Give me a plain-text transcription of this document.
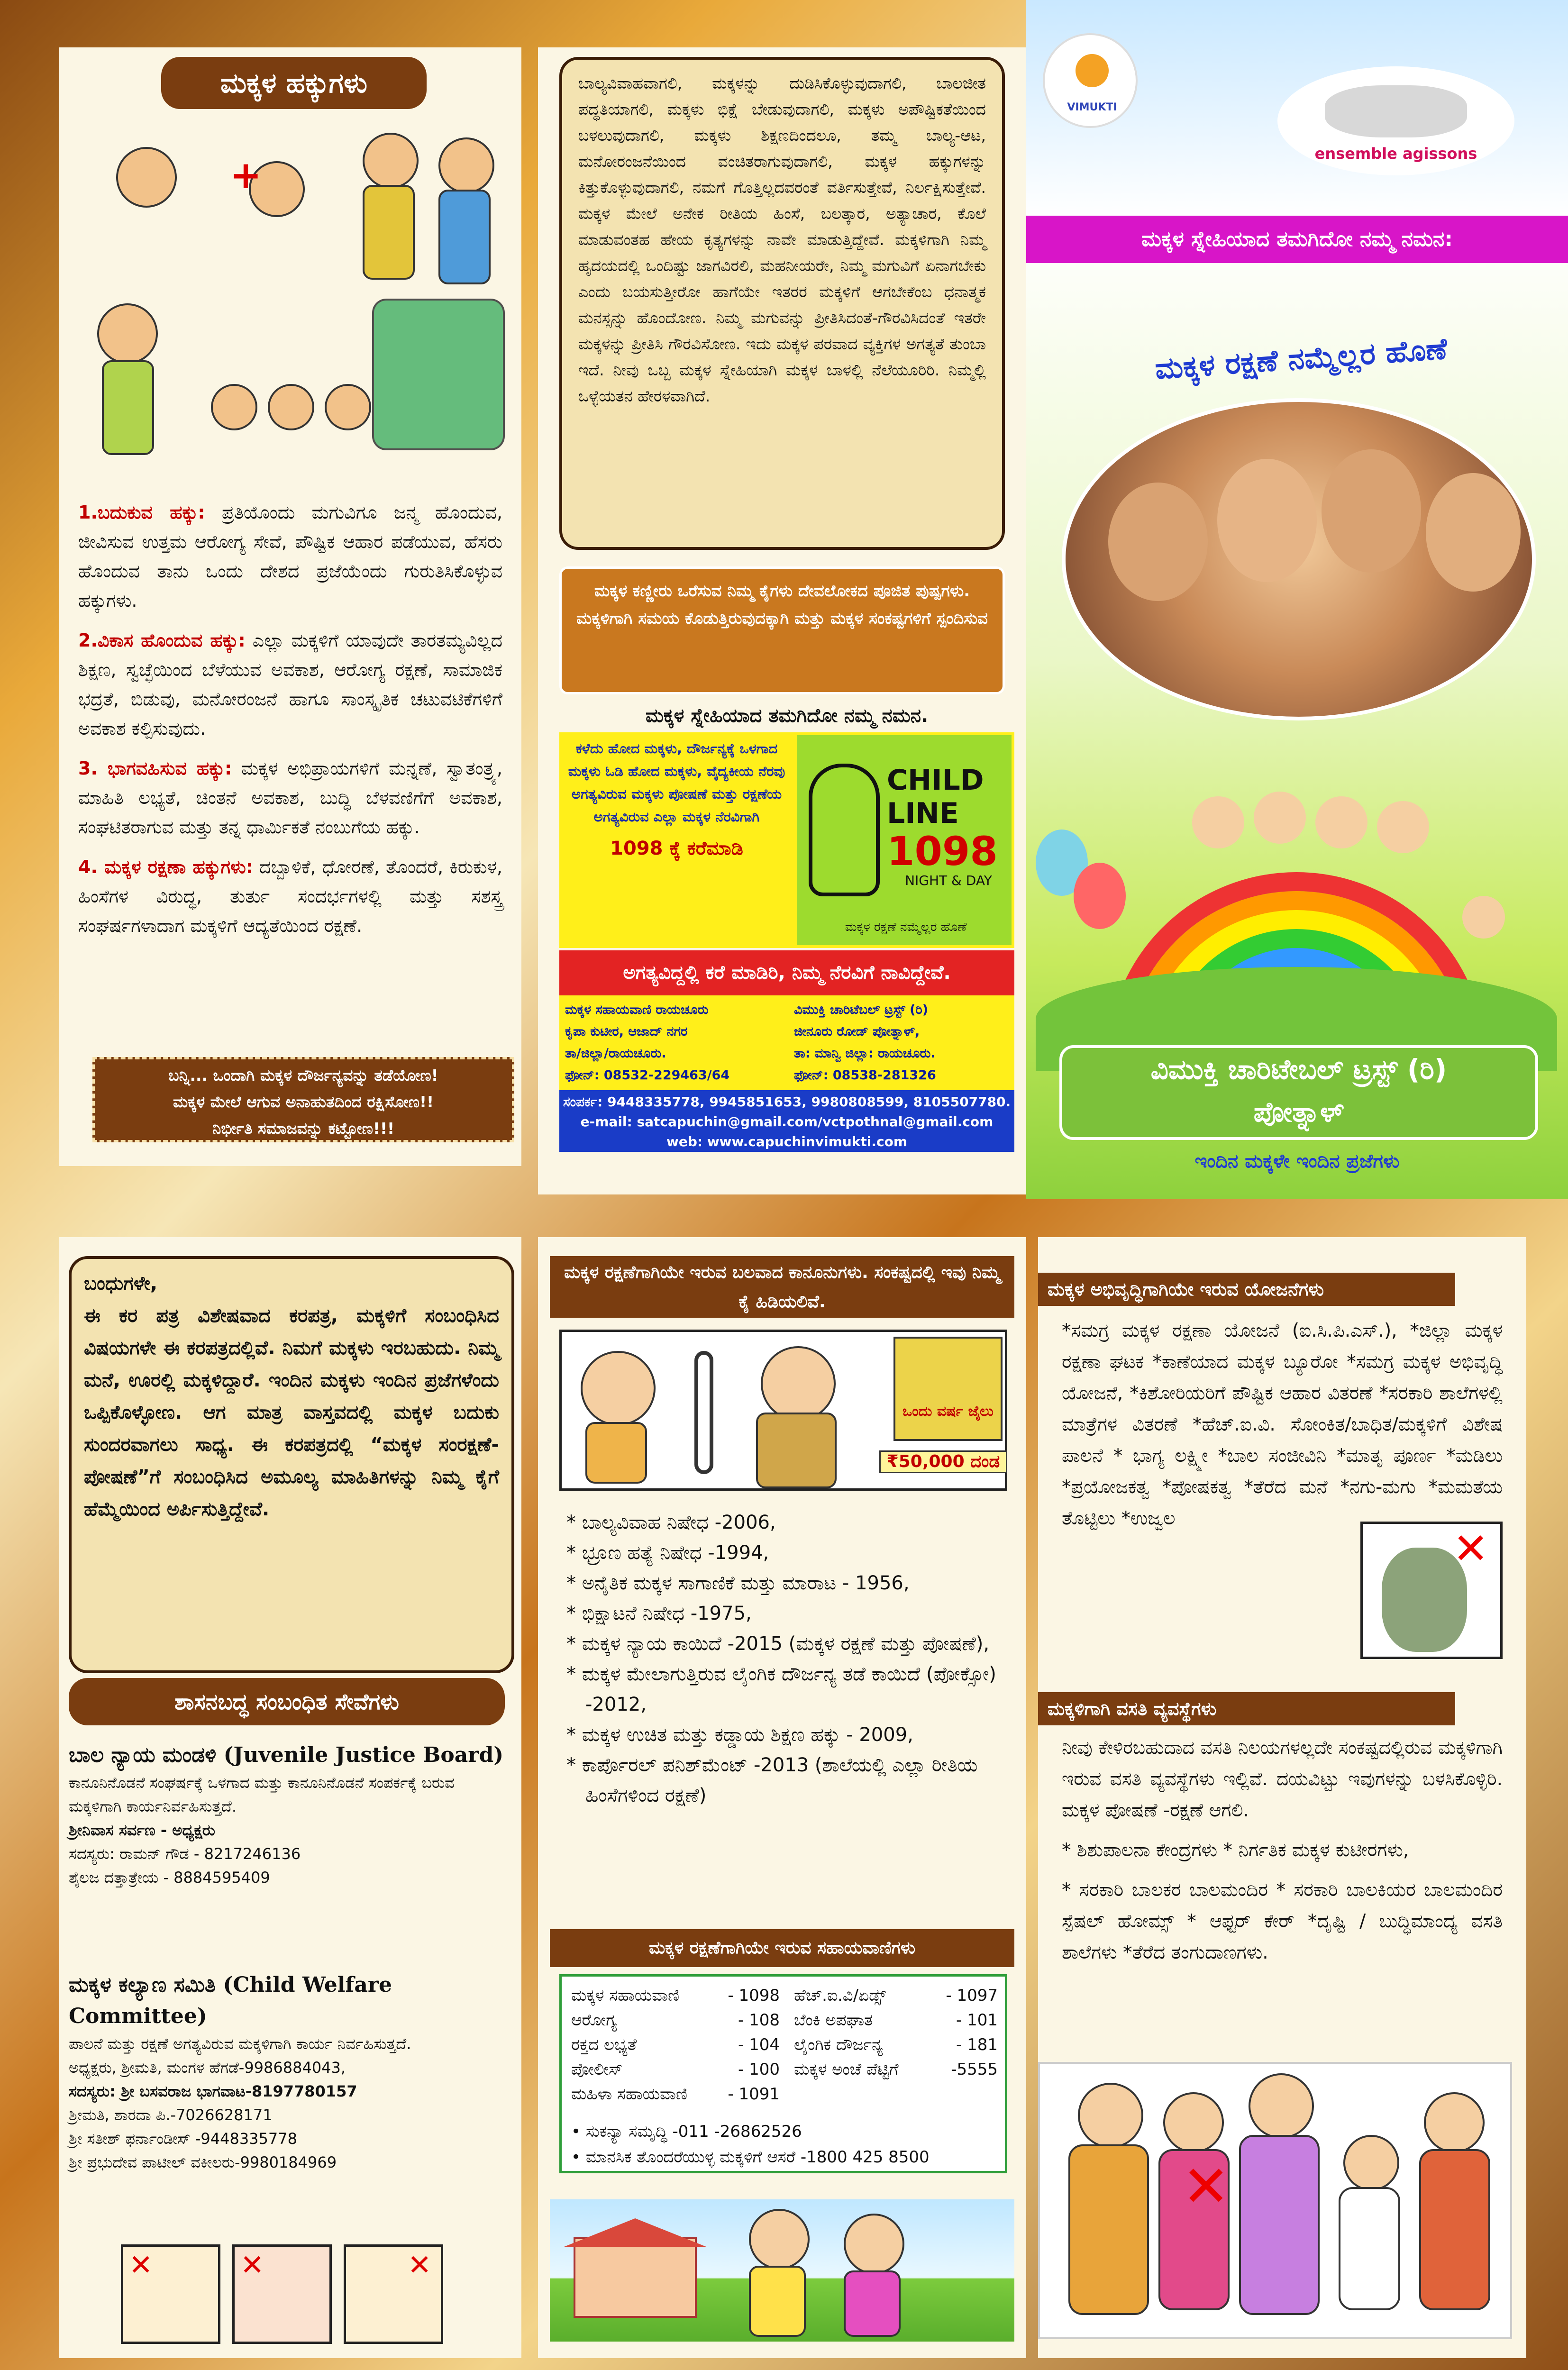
ಮಕ್ಕಳ ಹಕ್ಕುಗಳು
+

1.ಬದುಕುವ ಹಕ್ಕು: ಪ್ರತಿಯೊಂದು ಮಗುವಿಗೂ ಜನ್ಮ ಹೊಂದುವ, ಜೀವಿಸುವ ಉತ್ತಮ ಆರೋಗ್ಯ ಸೇವೆ, ಪೌಷ್ಟಿಕ ಆಹಾರ ಪಡೆಯುವ, ಹೆಸರು ಹೊಂದುವ ತಾನು ಒಂದು ದೇಶದ ಪ್ರಜೆಯೆಂದು ಗುರುತಿಸಿಕೊಳ್ಳುವ ಹಕ್ಕುಗಳು.

2.ವಿಕಾಸ ಹೊಂದುವ ಹಕ್ಕು: ಎಲ್ಲಾ ಮಕ್ಕಳಿಗೆ ಯಾವುದೇ ತಾರತಮ್ಯವಿಲ್ಲದ ಶಿಕ್ಷಣ, ಸ್ವಚ್ಛೆಯಿಂದ ಬೆಳೆಯುವ ಅವಕಾಶ, ಆರೋಗ್ಯ ರಕ್ಷಣೆ, ಸಾಮಾಜಿಕ ಭದ್ರತೆ, ಬಿಡುವು, ಮನೋರಂಜನೆ ಹಾಗೂ ಸಾಂಸ್ಕೃತಿಕ ಚಟುವಟಿಕೆಗಳಿಗೆ ಅವಕಾಶ ಕಲ್ಪಿಸುವುದು.

3. ಭಾಗವಹಿಸುವ ಹಕ್ಕು: ಮಕ್ಕಳ ಅಭಿಪ್ರಾಯಗಳಿಗೆ ಮನ್ನಣೆ, ಸ್ವಾತಂತ್ರ್ಯ, ಮಾಹಿತಿ ಲಭ್ಯತೆ, ಚಿಂತನೆ ಅವಕಾಶ, ಬುದ್ಧಿ ಬೆಳವಣಿಗೆಗೆ ಅವಕಾಶ, ಸಂಘಟಿತರಾಗುವ ಮತ್ತು ತನ್ನ ಧಾರ್ಮಿಕತೆ ನಂಬುಗೆಯ ಹಕ್ಕು.

4. ಮಕ್ಕಳ ರಕ್ಷಣಾ ಹಕ್ಕುಗಳು: ದಬ್ಬಾಳಿಕೆ, ಧೋರಣೆ, ತೊಂದರೆ, ಕಿರುಕುಳ, ಹಿಂಸೆಗಳ ವಿರುದ್ಧ, ತುರ್ತು ಸಂದರ್ಭಗಳಲ್ಲಿ ಮತ್ತು ಸಶಸ್ತ್ರ ಸಂಘರ್ಷಗಳಾದಾಗ ಮಕ್ಕಳಿಗೆ ಆದ್ಯತೆಯಿಂದ ರಕ್ಷಣೆ.

ಬನ್ನಿ... ಒಂದಾಗಿ ಮಕ್ಕಳ ದೌರ್ಜನ್ಯವನ್ನು ತಡೆಯೋಣ!
ಮಕ್ಕಳ ಮೇಲೆ ಆಗುವ ಅನಾಹುತದಿಂದ ರಕ್ಷಿಸೋಣ!!
ನಿರ್ಭೀತಿ ಸಮಾಜವನ್ನು ಕಟ್ಟೋಣ!!!
ಬಾಲ್ಯವಿವಾಹವಾಗಲಿ, ಮಕ್ಕಳನ್ನು ದುಡಿಸಿಕೊಳ್ಳುವುದಾಗಲಿ, ಬಾಲಜೀತ ಪದ್ಧತಿಯಾಗಲಿ, ಮಕ್ಕಳು ಭಿಕ್ಷೆ ಬೇಡುವುದಾಗಲಿ, ಮಕ್ಕಳು ಅಪೌಷ್ಟಿಕತೆಯಿಂದ ಬಳಲುವುದಾಗಲಿ, ಮಕ್ಕಳು ಶಿಕ್ಷಣದಿಂದಲೂ, ತಮ್ಮ ಬಾಲ್ಯ-ಆಟ, ಮನೋರಂಜನೆಯಿಂದ ವಂಚಿತರಾಗುವುದಾಗಲಿ, ಮಕ್ಕಳ ಹಕ್ಕುಗಳನ್ನು ಕಿತ್ತುಕೊಳ್ಳುವುದಾಗಲಿ, ನಮಗೆ ಗೊತ್ತಿಲ್ಲದವರಂತೆ ವರ್ತಿಸುತ್ತೇವೆ, ನಿರ್ಲಕ್ಷಿಸುತ್ತೇವೆ. ಮಕ್ಕಳ ಮೇಲೆ ಅನೇಕ ರೀತಿಯ ಹಿಂಸೆ, ಬಲತ್ಕಾರ, ಅತ್ಯಾಚಾರ, ಕೊಲೆ ಮಾಡುವಂತಹ ಹೇಯ ಕೃತ್ಯಗಳನ್ನು ನಾವೇ ಮಾಡುತ್ತಿದ್ದೇವೆ. ಮಕ್ಕಳಿಗಾಗಿ ನಿಮ್ಮ ಹೃದಯದಲ್ಲಿ ಒಂದಿಷ್ಟು ಜಾಗವಿರಲಿ, ಮಹನೀಯರೇ, ನಿಮ್ಮ ಮಗುವಿಗೆ ಏನಾಗಬೇಕು ಎಂದು ಬಯಸುತ್ತೀರೋ ಹಾಗೆಯೇ ಇತರರ ಮಕ್ಕಳಿಗೆ ಆಗಬೇಕೆಂಬ ಧನಾತ್ಮಕ ಮನಸ್ಸನ್ನು ಹೊಂದೋಣ. ನಿಮ್ಮ ಮಗುವನ್ನು ಪ್ರೀತಿಸಿದಂತೆ-ಗೌರವಿಸಿದಂತೆ ಇತರೇ ಮಕ್ಕಳನ್ನು ಪ್ರೀತಿಸಿ ಗೌರವಿಸೋಣ. ಇದು ಮಕ್ಕಳ ಪರವಾದ ವ್ಯಕ್ತಿಗಳ ಅಗತ್ಯತೆ ತುಂಬಾ ಇದೆ. ನೀವು ಒಬ್ಬ ಮಕ್ಕಳ ಸ್ನೇಹಿಯಾಗಿ ಮಕ್ಕಳ ಬಾಳಲ್ಲಿ ನೆಲೆಯೂರಿರಿ. ನಿಮ್ಮಲ್ಲಿ ಒಳ್ಳೆಯತನ ಹೇರಳವಾಗಿದೆ.
ಮಕ್ಕಳ ಕಣ್ಣೀರು ಒರೆಸುವ ನಿಮ್ಮ ಕೈಗಳು ದೇವಲೋಕದ ಪೂಜಿತ ಪುಷ್ಪಗಳು. ಮಕ್ಕಳಿಗಾಗಿ ಸಮಯ ಕೊಡುತ್ತಿರುವುದಕ್ಕಾಗಿ ಮತ್ತು ಮಕ್ಕಳ ಸಂಕಷ್ಟಗಳಿಗೆ ಸ್ಪಂದಿಸುವ
ಮಕ್ಕಳ ಸ್ನೇಹಿಯಾದ ತಮಗಿದೋ ನಮ್ಮ ನಮನ.
ಕಳೆದು ಹೋದ ಮಕ್ಕಳು, ದೌರ್ಜನ್ಯಕ್ಕೆ ಒಳಗಾದ ಮಕ್ಕಳು ಓಡಿ ಹೋದ ಮಕ್ಕಳು, ವೈದ್ಯಕೀಯ ನೆರವು ಅಗತ್ಯವಿರುವ ಮಕ್ಕಳು ಪೋಷಣೆ ಮತ್ತು ರಕ್ಷಣೆಯ ಅಗತ್ಯವಿರುವ ಎಲ್ಲಾ ಮಕ್ಕಳ ನೆರವಿಗಾಗಿ
1098 ಕ್ಕೆ ಕರೆಮಾಡಿ
CHILD LINE
1098
NIGHT & DAY
ಮಕ್ಕಳ ರಕ್ಷಣೆ ನಮ್ಮೆಲ್ಲರ ಹೊಣೆ
ಅಗತ್ಯವಿದ್ದಲ್ಲಿ ಕರೆ ಮಾಡಿರಿ, ನಿಮ್ಮ ನೆರವಿಗೆ ನಾವಿದ್ದೇವೆ.
ಮಕ್ಕಳ ಸಹಾಯವಾಣಿ ರಾಯಚೂರು
ಕೃಪಾ ಕುಟೀರ, ಆಜಾದ್ ನಗರ
ತಾ/ಜಿಲ್ಲಾ/ರಾಯಚೂರು.
ಫೋನ್: 08532-229463/64
ವಿಮುಕ್ತಿ ಚಾರಿಟೆಬಲ್ ಟ್ರಸ್ಟ್ (ರಿ)
ಜೀನೂರು ರೋಡ್ ಪೋತ್ನಾಳ್,
ತಾ: ಮಾನ್ವಿ ಜಿಲ್ಲಾ: ರಾಯಚೂರು.
ಫೋನ್: 08538-281326
ಸಂಪರ್ಕ: 9448335778, 9945851653, 9980808599, 8105507780.
e-mail: satcapuchin@gmail.com/vctpothnal@gmail.com
web: www.capuchinvimukti.com
VIMUKTI
ensemble agissons
ಮಕ್ಕಳ ಸ್ನೇಹಿಯಾದ ತಮಗಿದೋ ನಮ್ಮ ನಮನ:
ಮಕ್ಕಳ ರಕ್ಷಣೆ ನಮ್ಮೆಲ್ಲರ ಹೊಣೆ
ವಿಮುಕ್ತಿ ಚಾರಿಟೇಬಲ್ ಟ್ರಸ್ಟ್ (ರಿ)
ಪೋತ್ನಾಳ್
ಇಂದಿನ ಮಕ್ಕಳೇ ಇಂದಿನ ಪ್ರಜೆಗಳು
ಬಂಧುಗಳೇ,
ಈ ಕರ ಪತ್ರ ವಿಶೇಷವಾದ ಕರಪತ್ರ, ಮಕ್ಕಳಿಗೆ ಸಂಬಂಧಿಸಿದ ವಿಷಯಗಳೇ ಈ ಕರಪತ್ರದಲ್ಲಿವೆ. ನಿಮಗೆ ಮಕ್ಕಳು ಇರಬಹುದು. ನಿಮ್ಮ ಮನೆ, ಊರಲ್ಲಿ ಮಕ್ಕಳಿದ್ದಾರೆ. ಇಂದಿನ ಮಕ್ಕಳು ಇಂದಿನ ಪ್ರಜೆಗಳೆಂದು ಒಪ್ಪಿಕೊಳ್ಳೋಣ. ಆಗ ಮಾತ್ರ ವಾಸ್ತವದಲ್ಲಿ ಮಕ್ಕಳ ಬದುಕು ಸುಂದರವಾಗಲು ಸಾಧ್ಯ. ಈ ಕರಪತ್ರದಲ್ಲಿ “ಮಕ್ಕಳ ಸಂರಕ್ಷಣೆ-ಪೋಷಣೆ”ಗೆ ಸಂಬಂಧಿಸಿದ ಅಮೂಲ್ಯ ಮಾಹಿತಿಗಳನ್ನು ನಿಮ್ಮ ಕೈಗೆ ಹೆಮ್ಮೆಯಿಂದ ಅರ್ಪಿಸುತ್ತಿದ್ದೇವೆ.
ಶಾಸನಬದ್ಧ ಸಂಬಂಧಿತ ಸೇವೆಗಳು
ಬಾಲ ನ್ಯಾಯ ಮಂಡಳಿ (Juvenile Justice Board)
ಕಾನೂನಿನೊಡನೆ ಸಂಘರ್ಷಕ್ಕೆ ಒಳಗಾದ ಮತ್ತು ಕಾನೂನಿನೊಡನೆ ಸಂಪರ್ಕಕ್ಕೆ ಬರುವ ಮಕ್ಕಳಿಗಾಗಿ ಕಾರ್ಯನಿರ್ವಹಿಸುತ್ತದೆ.
ಶ್ರೀನಿವಾಸ ಸರ್ವಣ - ಅಧ್ಯಕ್ಷರು
ಸದಸ್ಯರು: ರಾಮನ್ ಗೌಡ - 8217246136
ಶೈಲಜ ದತ್ತಾತ್ರೇಯ - 8884595409
ಮಕ್ಕಳ ಕಲ್ಯಾಣ ಸಮಿತಿ (Child Welfare Committee)
ಪಾಲನೆ ಮತ್ತು ರಕ್ಷಣೆ ಅಗತ್ಯವಿರುವ ಮಕ್ಕಳಿಗಾಗಿ ಕಾರ್ಯ ನಿರ್ವಹಿಸುತ್ತದೆ.
ಅಧ್ಯಕ್ಷರು, ಶ್ರೀಮತಿ, ಮಂಗಳ ಹೆಗಡೆ-9986884043,
ಸದಸ್ಯರು: ಶ್ರೀ ಬಸವರಾಜ ಭಾಗವಾಟ-8197780157
ಶ್ರೀಮತಿ, ಶಾರದಾ ಪಿ.-7026628171
ಶ್ರೀ ಸತೀಶ್ ಫರ್ನಾಂಡೀಸ್ -9448335778
ಶ್ರೀ ಪ್ರಭುದೇವ ಪಾಟೀಲ್ ವಕೀಲರು-9980184969
✕	✕	✕
ಮಕ್ಕಳ ರಕ್ಷಣೆಗಾಗಿಯೇ ಇರುವ ಬಲವಾದ ಕಾನೂನುಗಳು. ಸಂಕಷ್ಟದಲ್ಲಿ ಇವು ನಿಮ್ಮ ಕೈ ಹಿಡಿಯಲಿವೆ.
ಒಂದು ವರ್ಷ ಜೈಲು
₹50,000 ದಂಡ
* ಬಾಲ್ಯವಿವಾಹ ನಿಷೇಧ -2006,
* ಭ್ರೂಣ ಹತ್ಯೆ ನಿಷೇಧ -1994,
* ಅನೈತಿಕ ಮಕ್ಕಳ ಸಾಗಾಣಿಕೆ ಮತ್ತು ಮಾರಾಟ - 1956,
* ಭಿಕ್ಷಾಟನೆ ನಿಷೇಧ -1975,
* ಮಕ್ಕಳ ನ್ಯಾಯ ಕಾಯಿದೆ -2015 (ಮಕ್ಕಳ ರಕ್ಷಣೆ ಮತ್ತು ಪೋಷಣೆ),
* ಮಕ್ಕಳ ಮೇಲಾಗುತ್ತಿರುವ ಲೈಂಗಿಕ ದೌರ್ಜನ್ಯ ತಡೆ ಕಾಯಿದೆ (ಪೋಕ್ಸೋ) -2012,
* ಮಕ್ಕಳ ಉಚಿತ ಮತ್ತು ಕಡ್ಡಾಯ ಶಿಕ್ಷಣ ಹಕ್ಕು - 2009,
* ಕಾರ್ಪೊರಲ್ ಪನಿಶ್‌ಮೆಂಟ್ -2013 (ಶಾಲೆಯಲ್ಲಿ ಎಲ್ಲಾ ರೀತಿಯ ಹಿಂಸೆಗಳಿಂದ ರಕ್ಷಣೆ)
ಮಕ್ಕಳ ರಕ್ಷಣೆಗಾಗಿಯೇ ಇರುವ ಸಹಾಯವಾಣಿಗಳು
ಮಕ್ಕಳ ಸಹಾಯವಾಣಿ	- 1098
ಆರೋಗ್ಯ	- 108
ರಕ್ತದ ಲಭ್ಯತೆ	- 104
ಪೋಲೀಸ್	- 100
ಮಹಿಳಾ ಸಹಾಯವಾಣಿ	- 1091
ಹೆಚ್.ಐ.ವಿ/ಏಡ್ಸ್	- 1097
ಬೆಂಕಿ ಅಪಘಾತ	- 101
ಲೈಂಗಿಕ ದೌರ್ಜನ್ಯ	- 181
ಮಕ್ಕಳ ಅಂಚೆ ಪೆಟ್ಟಿಗೆ	-5555
• ಸುಕನ್ಯಾ ಸಮೃದ್ಧಿ -011 -26862526
• ಮಾನಸಿಕ ತೊಂದರೆಯುಳ್ಳ ಮಕ್ಕಳಿಗೆ ಆಸರೆ -1800 425 8500
ಮಕ್ಕಳ ಅಭಿವೃದ್ಧಿಗಾಗಿಯೇ ಇರುವ ಯೋಜನೆಗಳು
*ಸಮಗ್ರ ಮಕ್ಕಳ ರಕ್ಷಣಾ ಯೋಜನೆ (ಐ.ಸಿ.ಪಿ.ಎಸ್.), *ಜಿಲ್ಲಾ ಮಕ್ಕಳ ರಕ್ಷಣಾ ಘಟಕ *ಕಾಣೆಯಾದ ಮಕ್ಕಳ ಬ್ಯೂರೋ *ಸಮಗ್ರ ಮಕ್ಕಳ ಅಭಿವೃದ್ಧಿ ಯೋಜನೆ, *ಕಿಶೋರಿಯರಿಗೆ ಪೌಷ್ಟಿಕ ಆಹಾರ ವಿತರಣೆ *ಸರಕಾರಿ ಶಾಲೆಗಳಲ್ಲಿ ಮಾತ್ರೆಗಳ ವಿತರಣೆ *ಹೆಚ್.ಐ.ವಿ. ಸೋಂಕಿತ/ಬಾಧಿತ/ಮಕ್ಕಳಿಗೆ ವಿಶೇಷ ಪಾಲನೆ * ಭಾಗ್ಯ ಲಕ್ಷ್ಮೀ *ಬಾಲ ಸಂಜೀವಿನಿ *ಮಾತೃ ಪೂರ್ಣ *ಮಡಿಲು *ಪ್ರಯೋಜಕತ್ವ *ಪೋಷಕತ್ವ *ತೆರೆದ ಮನೆ *ನಗು-ಮಗು *ಮಮತೆಯ ತೊಟ್ಟಿಲು *ಉಜ್ವಲ
✕
ಮಕ್ಕಳಿಗಾಗಿ ವಸತಿ ವ್ಯವಸ್ಥೆಗಳು
ನೀವು ಕೇಳಿರಬಹುದಾದ ವಸತಿ ನಿಲಯಗಳಲ್ಲದೇ ಸಂಕಷ್ಟದಲ್ಲಿರುವ ಮಕ್ಕಳಿಗಾಗಿ ಇರುವ ವಸತಿ ವ್ಯವಸ್ಥೆಗಳು ಇಲ್ಲಿವೆ. ದಯವಿಟ್ಟು ಇವುಗಳನ್ನು ಬಳಸಿಕೊಳ್ಳಿರಿ. ಮಕ್ಕಳ ಪೋಷಣೆ -ರಕ್ಷಣೆ ಆಗಲಿ.
* ಶಿಶುಪಾಲನಾ ಕೇಂದ್ರಗಳು * ನಿರ್ಗತಿಕ ಮಕ್ಕಳ ಕುಟೀರಗಳು,
* ಸರಕಾರಿ ಬಾಲಕರ ಬಾಲಮಂದಿರ * ಸರಕಾರಿ ಬಾಲಕಿಯರ ಬಾಲಮಂದಿರ ಸ್ಪೆಷಲ್ ಹೋಮ್ಸ್ * ಆಫ್ಟರ್ ಕೇರ್ *ದೃಷ್ಟಿ / ಬುದ್ಧಿಮಾಂದ್ಯ ವಸತಿ ಶಾಲೆಗಳು *ತೆರೆದ ತಂಗುದಾಣಗಳು.
✕
